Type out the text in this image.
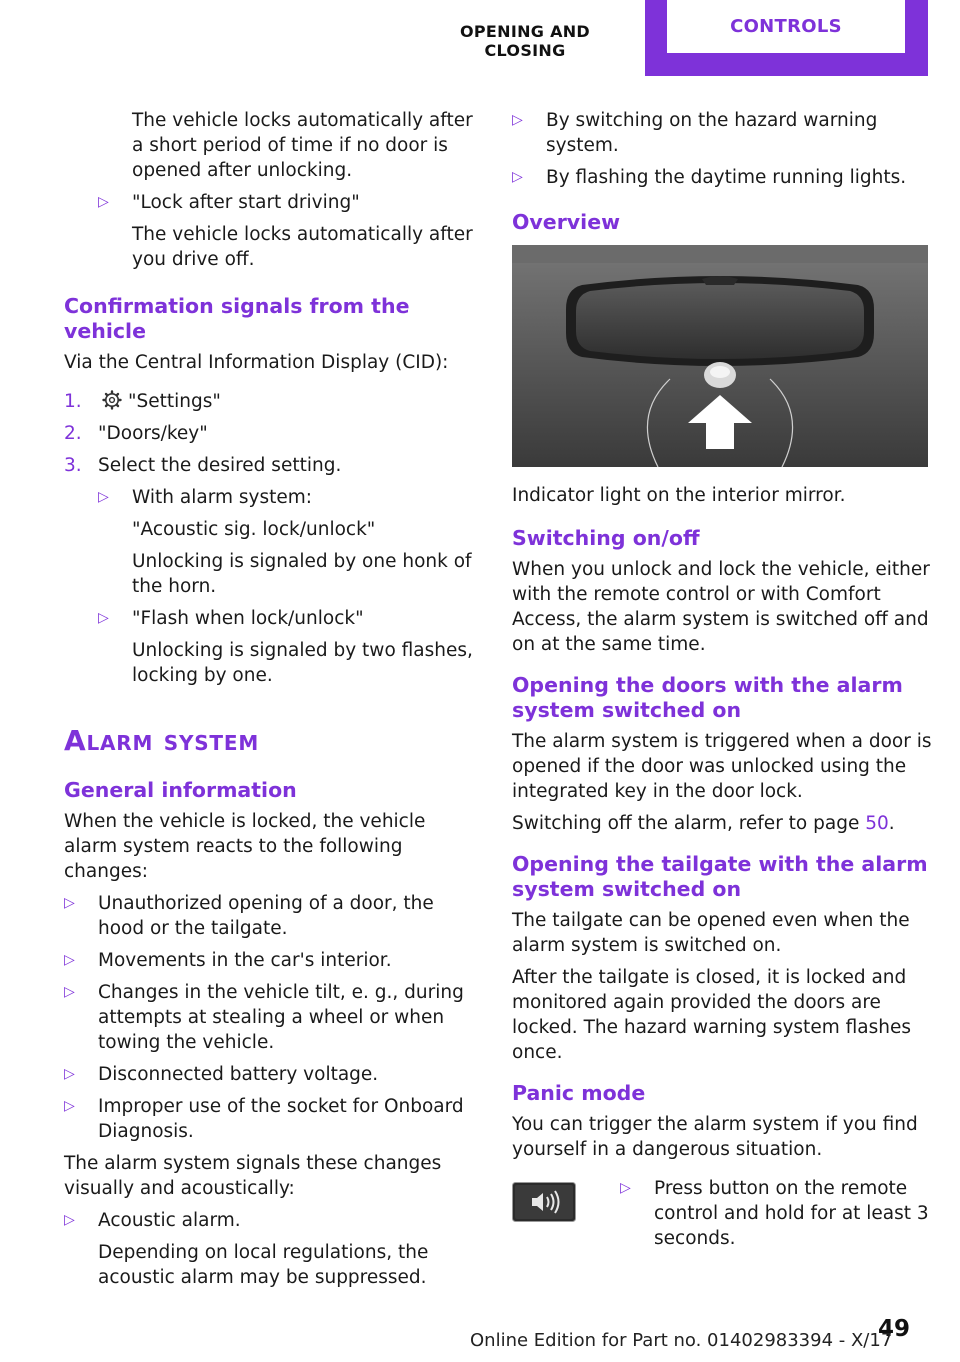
OPENING AND CLOSING
CONTROLS

The vehicle locks automatically after a short period of time if no door is opened after unlocking.

▷ "Lock after start driving"
The vehicle locks automatically after you drive off.
Confirmation signals from the vehicle

Via the Central Information Display (CID):

1.	"Settings"
2. "Doors/key"
3. Select the desired setting.
▷ With alarm system:
"Acoustic sig. lock/unlock"
Unlocking is signaled by one honk of the horn.
▷ "Flash when lock/unlock"
Unlocking is signaled by two flashes, locking by one.
Alarm system
General information

When the vehicle is locked, the vehicle alarm system reacts to the following changes:

▷ Unauthorized opening of a door, the hood or the tailgate.
▷ Movements in the car's interior.
▷ Changes in the vehicle tilt, e. g., during attempts at stealing a wheel or when towing the vehicle.
▷ Disconnected battery voltage.
▷ Improper use of the socket for Onboard Diagnosis.

The alarm system signals these changes visually and acoustically:

▷ Acoustic alarm.
Depending on local regulations, the acoustic alarm may be suppressed.
▷ By switching on the hazard warning system.
▷ By flashing the daytime running lights.
Overview

Indicator light on the interior mirror.

Switching on/off

When you unlock and lock the vehicle, either with the remote control or with Comfort Access, the alarm system is switched off and on at the same time.

Opening the doors with the alarm system switched on

The alarm system is triggered when a door is opened if the door was unlocked using the integrated key in the door lock.

Switching off the alarm, refer to page 50.

Opening the tailgate with the alarm system switched on

The tailgate can be opened even when the alarm system is switched on.

After the tailgate is closed, it is locked and monitored again provided the doors are locked. The hazard warning system flashes once.

Panic mode

You can trigger the alarm system if you find yourself in a dangerous situation.

▷ Press button on the remote control and hold for at least 3 seconds.
49
Online Edition for Part no. 01402983394 - X/17
